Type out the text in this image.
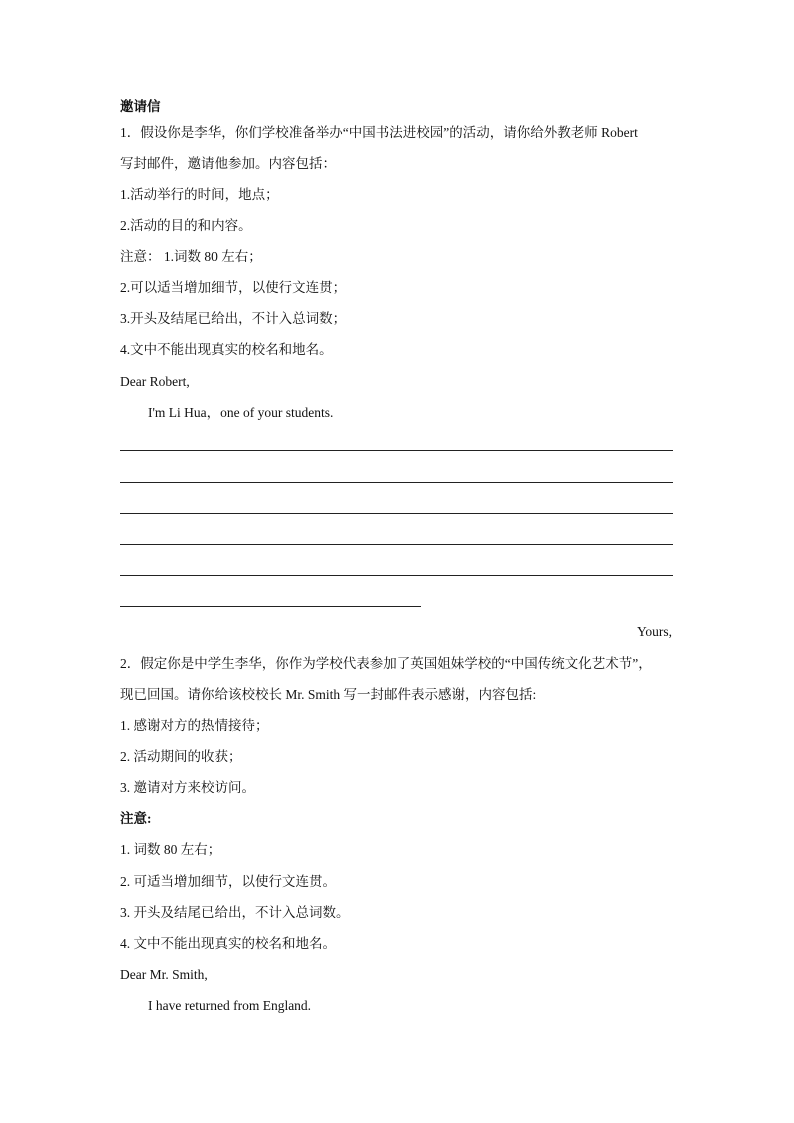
邀请信
1．假设你是李华，你们学校准备举办“中国书法进校园”的活动，请你给外教老师 Robert
写封邮件，邀请他参加。内容包括：
1.活动举行的时间，地点；
2.活动的目的和内容。
注意： 1.词数 80 左右；
2.可以适当增加细节，以使行文连贯；
3.开头及结尾已给出，不计入总词数；
4.文中不能出现真实的校名和地名。
Dear Robert,
I'm Li Hua，one of your students.
Yours,
2．假定你是中学生李华，你作为学校代表参加了英国姐妹学校的“中国传统文化艺术节”，
现已回国。请你给该校校长 Mr. Smith 写一封邮件表示感谢，内容包括:
1. 感谢对方的热情接待；
2. 活动期间的收获；
3. 邀请对方来校访问。
注意:
1. 词数 80 左右；
2. 可适当增加细节，以使行文连贯。
3. 开头及结尾已给出，不计入总词数。
4. 文中不能出现真实的校名和地名。
Dear Mr. Smith,
I have returned from England.
